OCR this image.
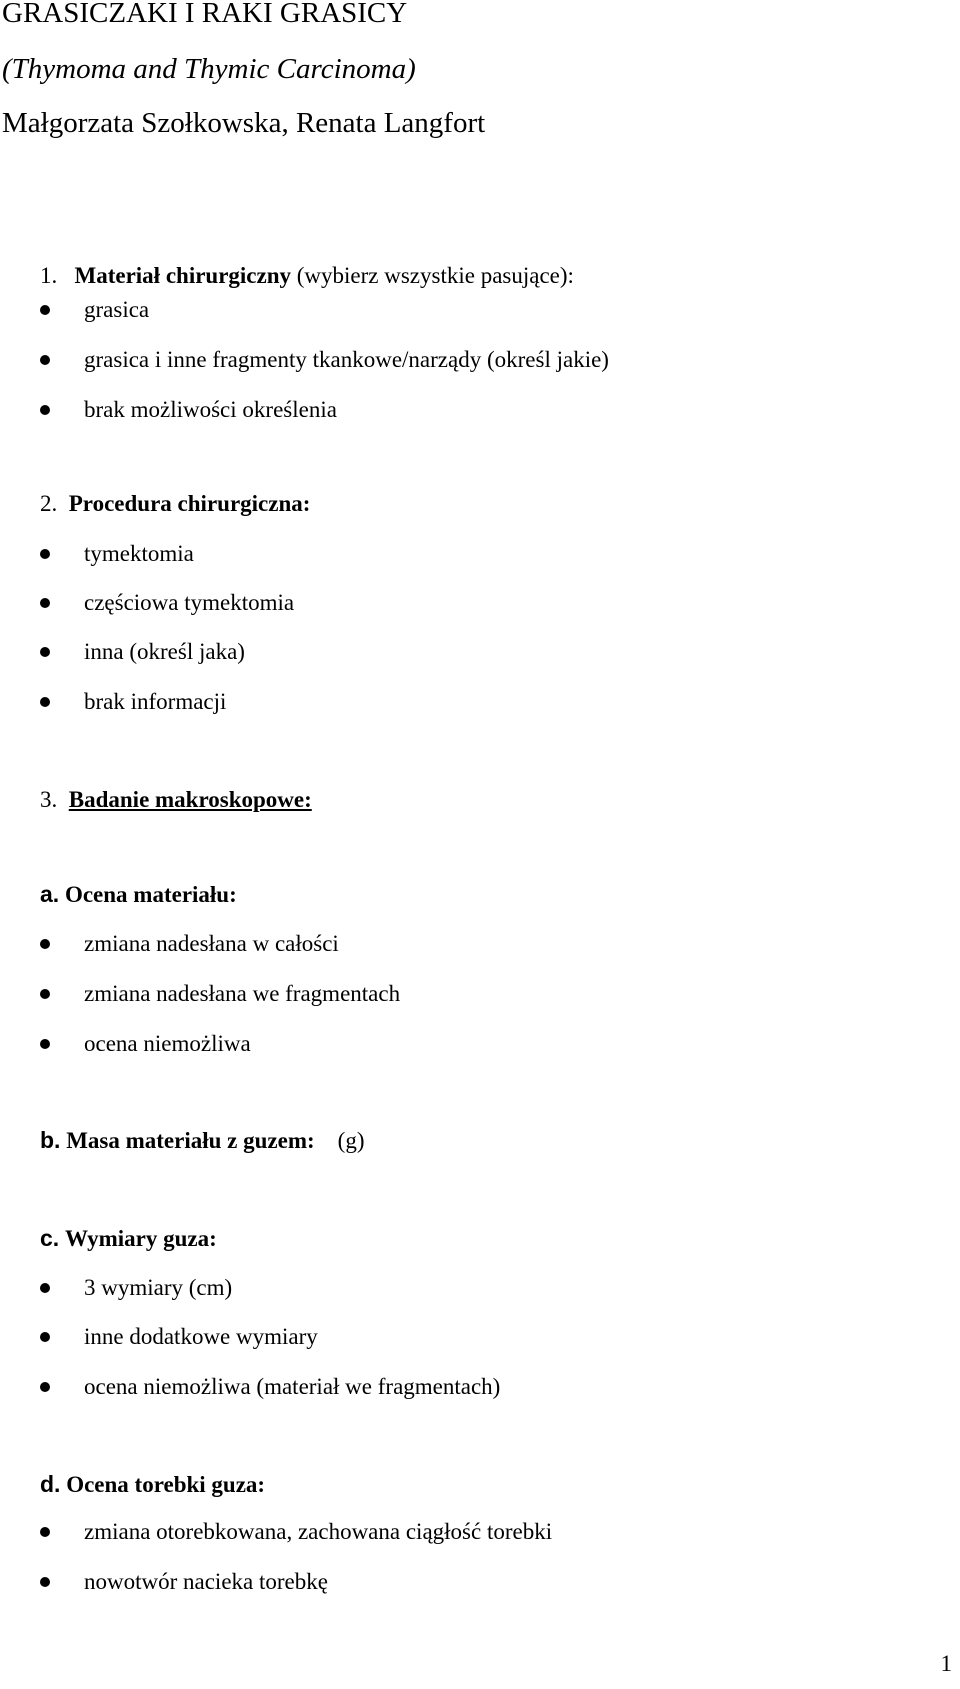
GRASICZAKI I RAKI GRASICY
(Thymoma and Thymic Carcinoma)
Małgorzata Szołkowska, Renata Langfort
1. Materiał chirurgiczny (wybierz wszystkie pasujące):
grasica
grasica i inne fragmenty tkankowe/narządy (określ jakie)
brak możliwości określenia
2. Procedura chirurgiczna:
tymektomia
częściowa tymektomia
inna (określ jaka)
brak informacji
3. Badanie makroskopowe:
a. Ocena materiału:
zmiana nadesłana w całości
zmiana nadesłana we fragmentach
ocena niemożliwa
b. Masa materiału z guzem: (g)
c. Wymiary guza:
3 wymiary (cm)
inne dodatkowe wymiary
ocena niemożliwa (materiał we fragmentach)
d. Ocena torebki guza:
zmiana otorebkowana, zachowana ciągłość torebki
nowotwór nacieka torebkę
1
